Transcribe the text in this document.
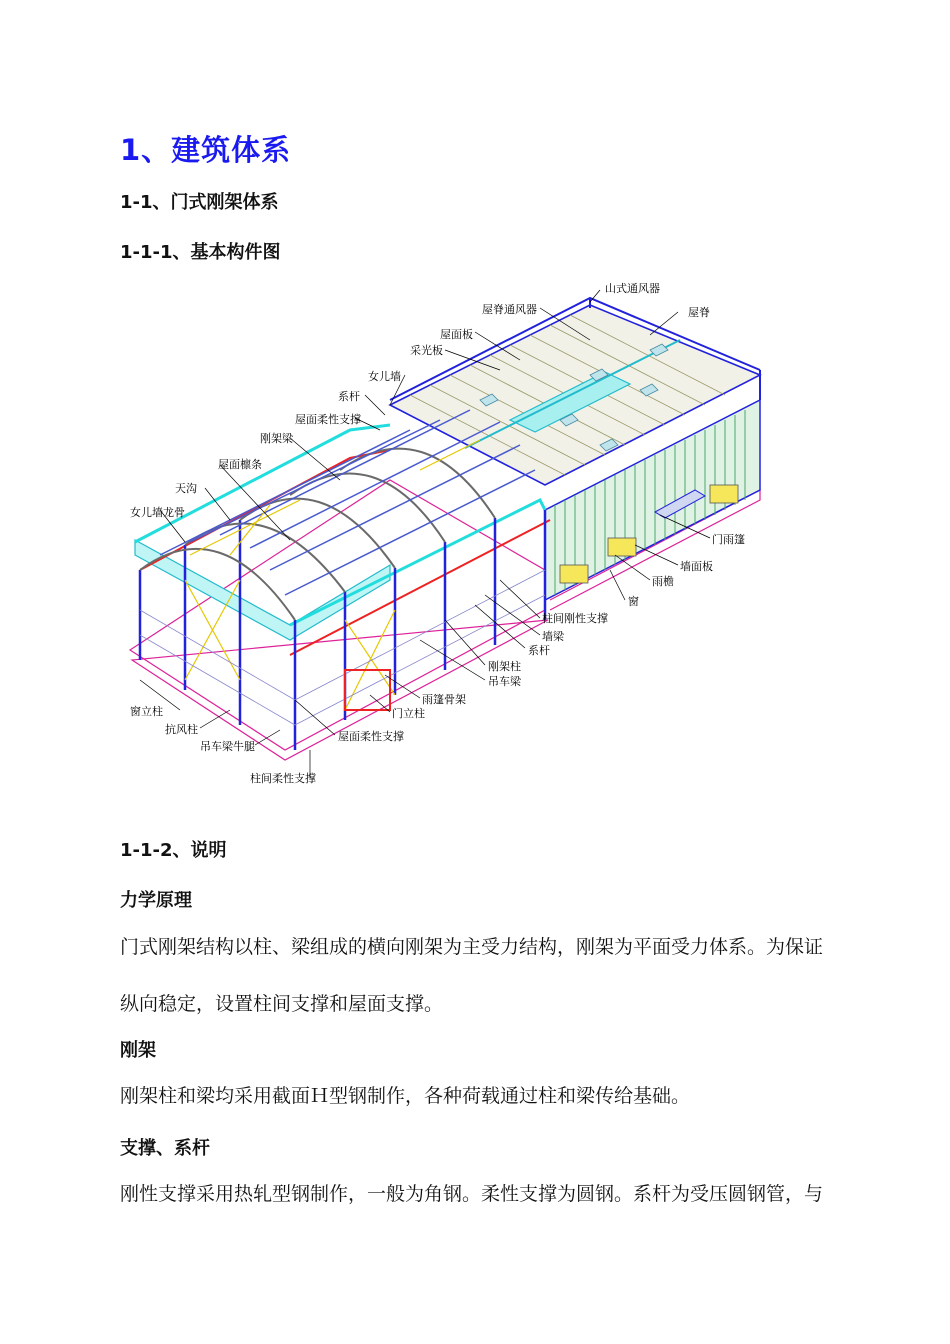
1、建筑体系
1-1、门式刚架体系
1-1-1、基本构件图
山式通风器
屋脊通风器	屋脊
屋面板
采光板
女儿墙
系杆
屋面柔性支撑
刚架梁
屋面檩条
天沟
女儿墙龙骨
门雨篷
墙面板
雨檐
窗
柱间刚性支撑
墙梁
系杆
刚架柱
吊车梁
雨篷骨架
门立柱
屋面柔性支撑
窗立柱
抗风柱
吊车梁牛腿
柱间柔性支撑
1-1-2、说明
力学原理
门式刚架结构以柱、梁组成的横向刚架为主受力结构，刚架为平面受力体系。为保证纵向稳定，设置柱间支撑和屋面支撑。
刚架
刚架柱和梁均采用截面Ｈ型钢制作，各种荷载通过柱和梁传给基础。
支撑、系杆
刚性支撑采用热轧型钢制作，一般为角钢。柔性支撑为圆钢。系杆为受压圆钢管，与
